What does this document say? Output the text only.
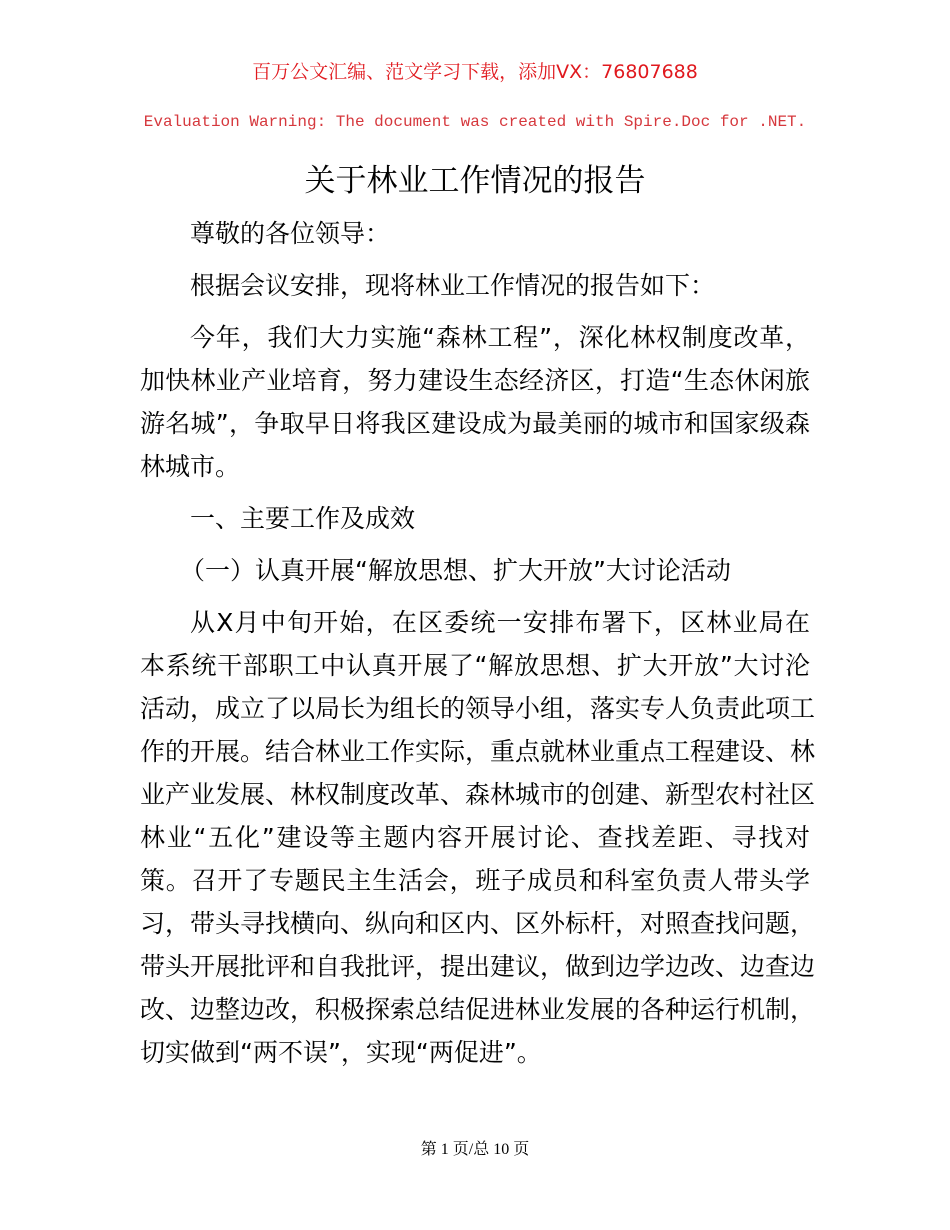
百万公文汇编、范文学习下载，添加VX：76807688
Evaluation Warning: The document was created with Spire.Doc for .NET.
关于林业工作情况的报告
尊敬的各位领导：
根据会议安排，现将林业工作情况的报告如下：
今年，我们大力实施“森林工程”，深化林权制度改革，
加快林业产业培育，努力建设生态经济区，打造“生态休闲旅
游名城”，争取早日将我区建设成为最美丽的城市和国家级森
林城市。
一、主要工作及成效
（一）认真开展“解放思想、扩大开放”大讨论活动
从X月中旬开始，在区委统一安排布署下，区林业局在
本系统干部职工中认真开展了“解放思想、扩大开放”大讨沦
活动，成立了以局长为组长的领导小组，落实专人负责此项工
作的开展。结合林业工作实际，重点就林业重点工程建设、林
业产业发展、林权制度改革、森林城市的创建、新型农村社区
林业“五化”建设等主题内容开展讨论、查找差距、寻找对
策。召开了专题民主生活会，班子成员和科室负责人带头学
习，带头寻找横向、纵向和区内、区外标杆，对照查找问题，
带头开展批评和自我批评，提出建议，做到边学边改、边查边
改、边整边改，积极探索总结促进林业发展的各种运行机制，
切实做到“两不误”，实现“两促进”。
第 1 页/总 10 页
